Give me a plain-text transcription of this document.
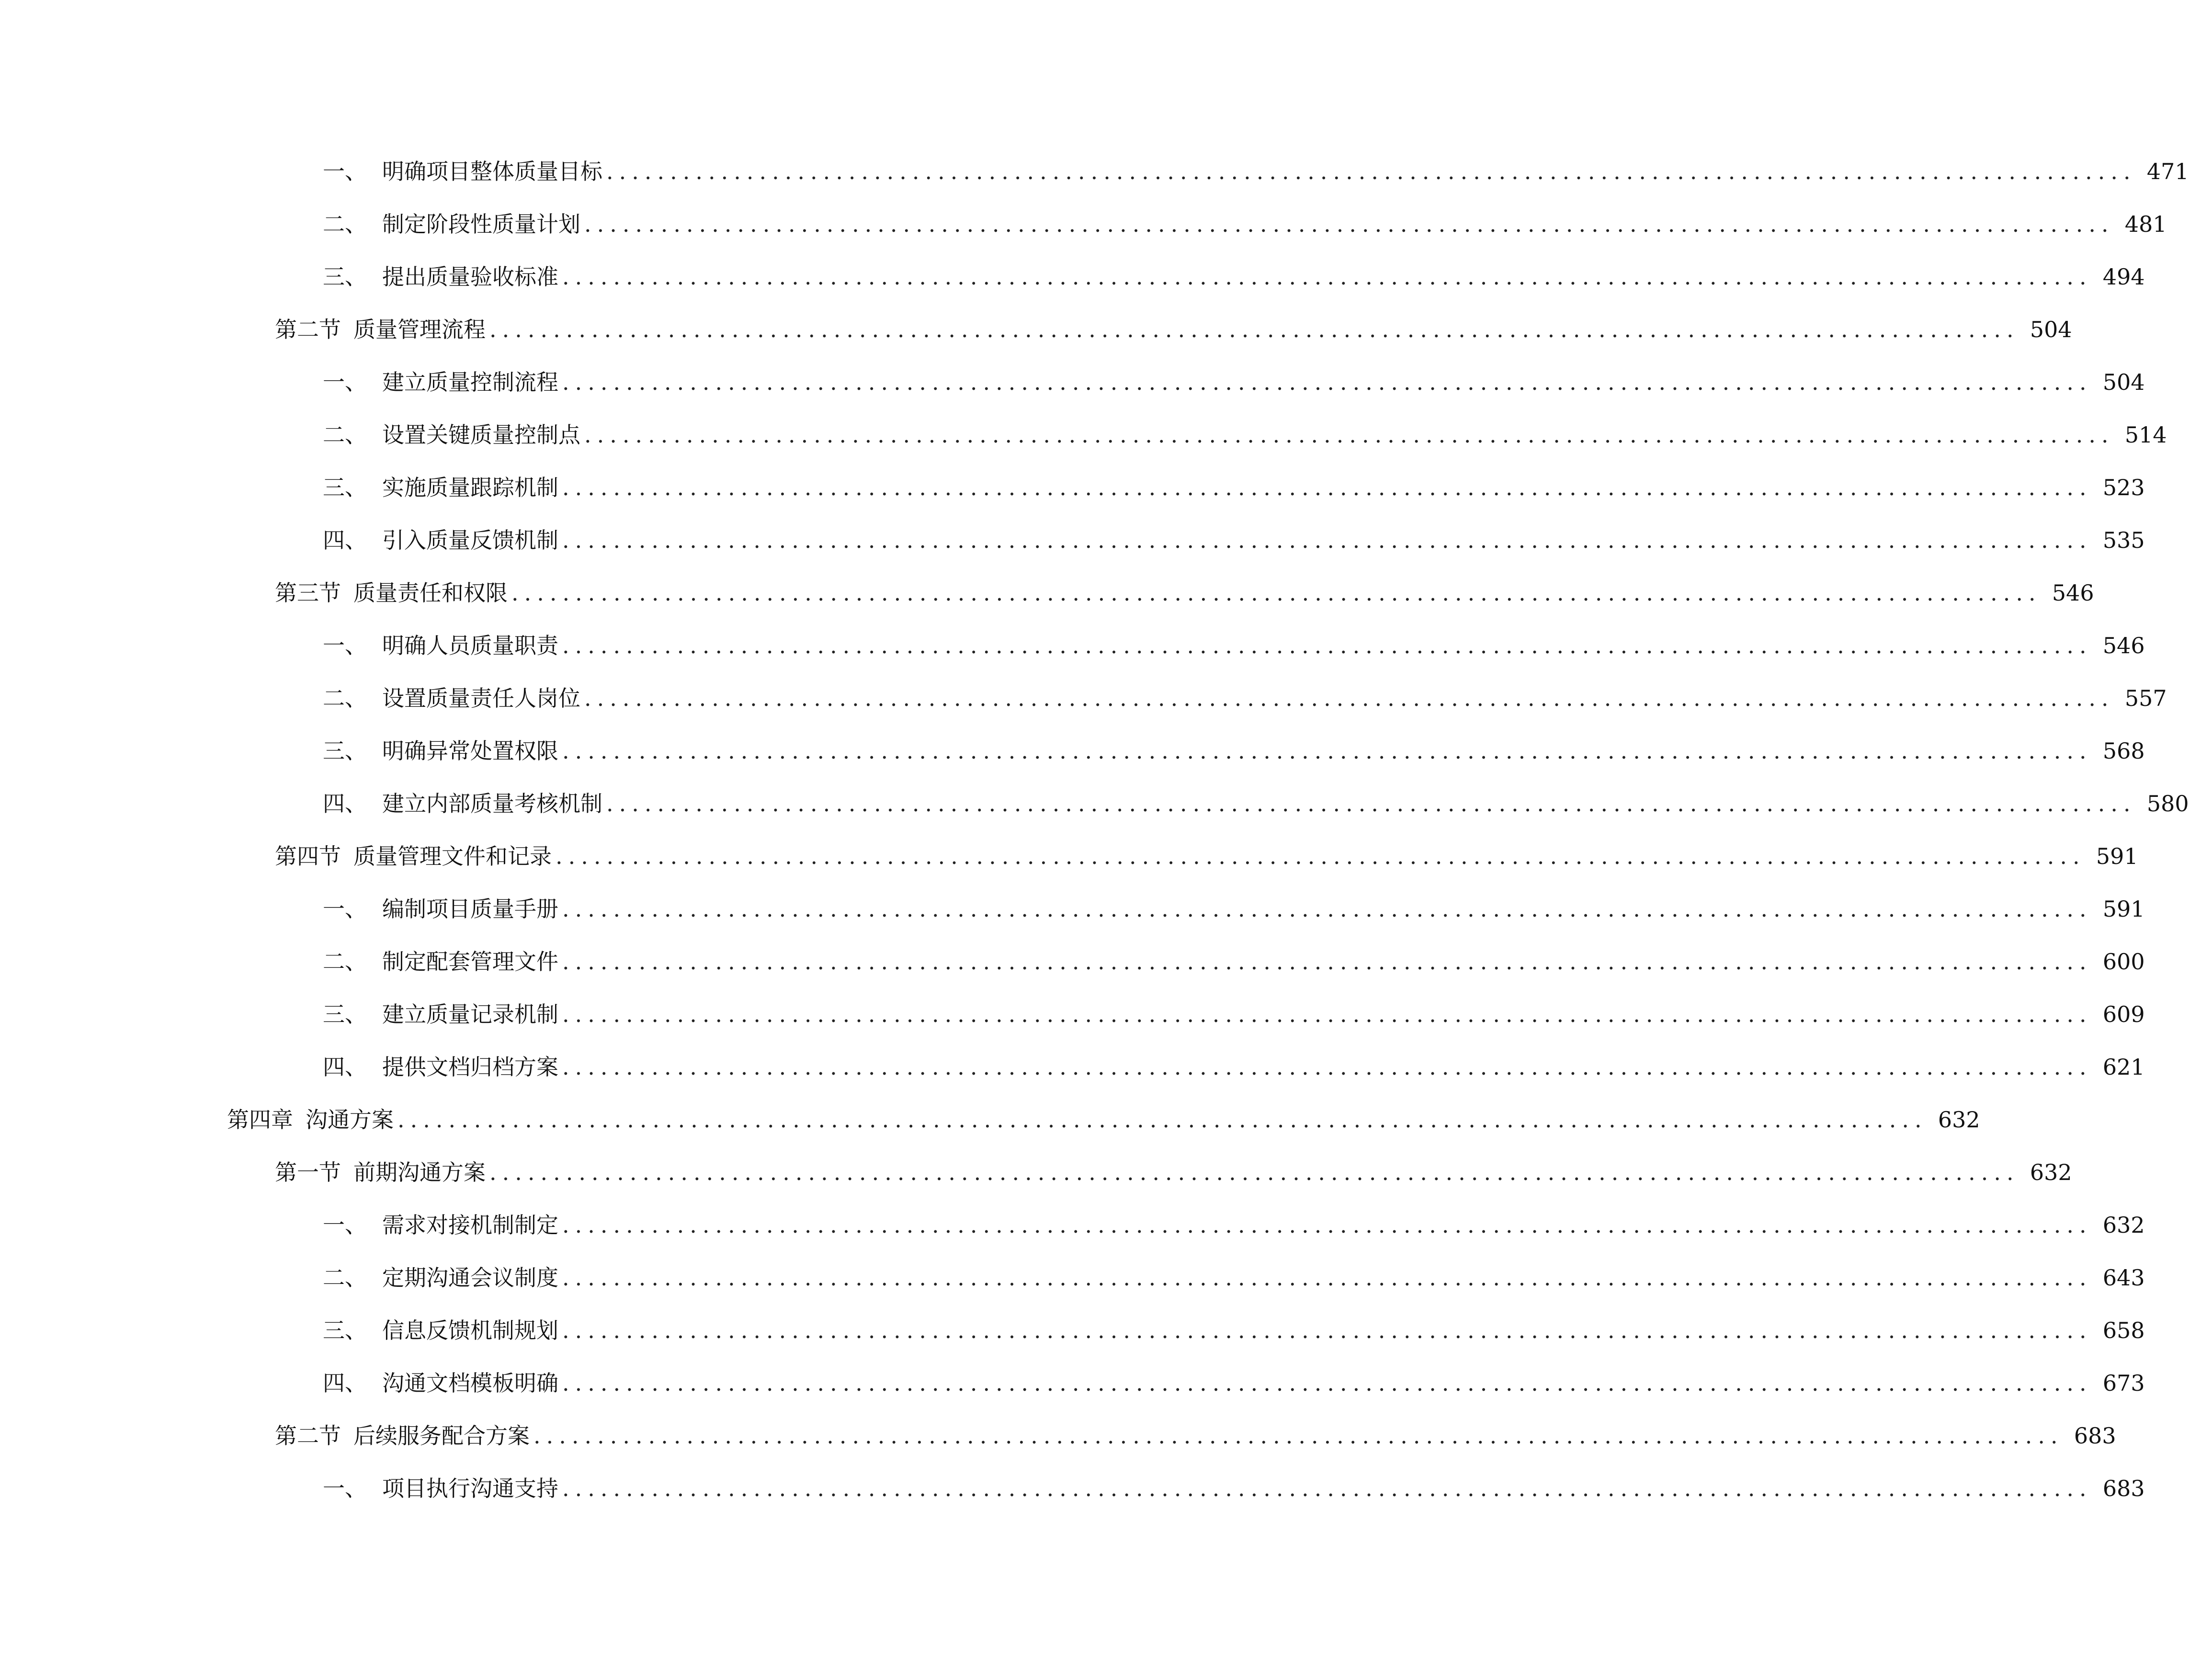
一、 明确项目整体质量目标 ........................................................................................................................ 471
二、 制定阶段性质量计划 ........................................................................................................................ 481
三、 提出质量验收标准 ........................................................................................................................ 494
第二节 质量管理流程 ........................................................................................................................ 504
一、 建立质量控制流程 ........................................................................................................................ 504
二、 设置关键质量控制点 ........................................................................................................................ 514
三、 实施质量跟踪机制 ........................................................................................................................ 523
四、 引入质量反馈机制 ........................................................................................................................ 535
第三节 质量责任和权限 ........................................................................................................................ 546
一、 明确人员质量职责 ........................................................................................................................ 546
二、 设置质量责任人岗位 ........................................................................................................................ 557
三、 明确异常处置权限 ........................................................................................................................ 568
四、 建立内部质量考核机制 ........................................................................................................................ 580
第四节 质量管理文件和记录 ........................................................................................................................ 591
一、 编制项目质量手册 ........................................................................................................................ 591
二、 制定配套管理文件 ........................................................................................................................ 600
三、 建立质量记录机制 ........................................................................................................................ 609
四、 提供文档归档方案 ........................................................................................................................ 621
第四章 沟通方案 ........................................................................................................................ 632
第一节 前期沟通方案 ........................................................................................................................ 632
一、 需求对接机制制定 ........................................................................................................................ 632
二、 定期沟通会议制度 ........................................................................................................................ 643
三、 信息反馈机制规划 ........................................................................................................................ 658
四、 沟通文档模板明确 ........................................................................................................................ 673
第二节 后续服务配合方案 ........................................................................................................................ 683
一、 项目执行沟通支持 ........................................................................................................................ 683
